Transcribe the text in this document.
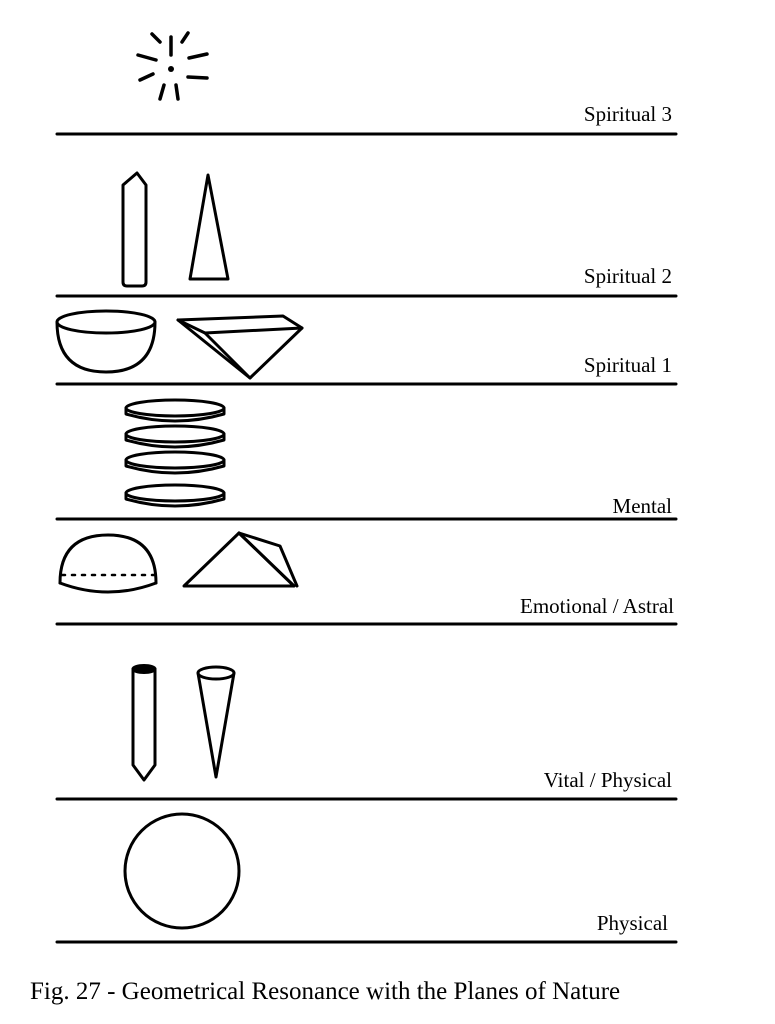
Spiritual 3
Spiritual 2
Spiritual 1
Mental
Emotional / Astral
Vital / Physical
Physical
Fig. 27 - Geometrical Resonance with the Planes of Nature
